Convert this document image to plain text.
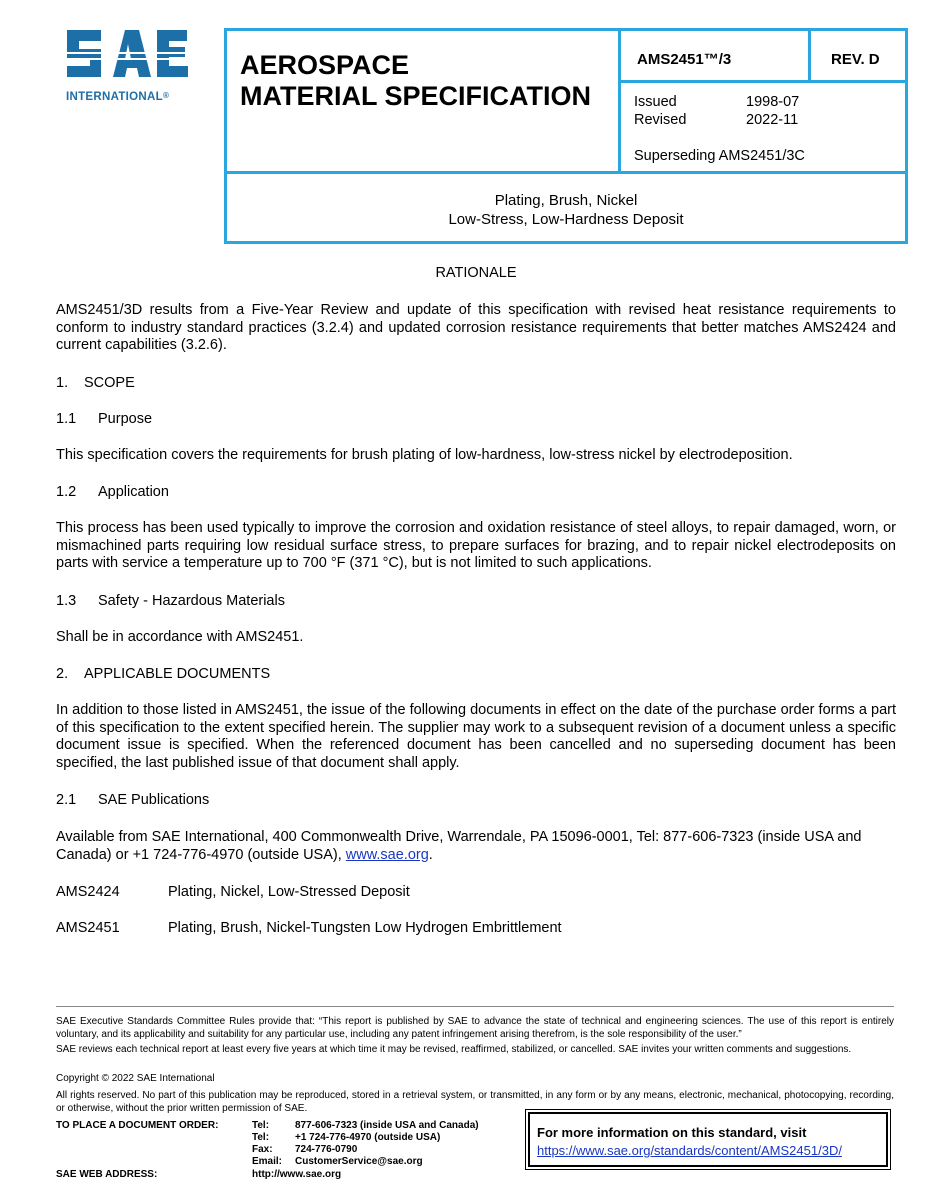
INTERNATIONAL®
AEROSPACE
MATERIAL SPECIFICATION
AMS2451™/3	REV. D
Issued	1998-07
Revised	2022-11
Superseding AMS2451/3C
Plating, Brush, Nickel
Low-Stress, Low-Hardness Deposit
RATIONALE
AMS2451/3D results from a Five-Year Review and update of this specification with revised heat resistance requirements to conform to industry standard practices (3.2.4) and updated corrosion resistance requirements that better matches AMS2424 and current capabilities (3.2.6).
1. SCOPE
1.1 Purpose
This specification covers the requirements for brush plating of low-hardness, low-stress nickel by electrodeposition.
1.2 Application
This process has been used typically to improve the corrosion and oxidation resistance of steel alloys, to repair damaged, worn, or mismachined parts requiring low residual surface stress, to prepare surfaces for brazing, and to repair nickel electrodeposits on parts with service a temperature up to 700 °F (371 °C), but is not limited to such applications.
1.3 Safety - Hazardous Materials
Shall be in accordance with AMS2451.
2. APPLICABLE DOCUMENTS
In addition to those listed in AMS2451, the issue of the following documents in effect on the date of the purchase order forms a part of this specification to the extent specified herein. The supplier may work to a subsequent revision of a document unless a specific document issue is specified. When the referenced document has been cancelled and no superseding document has been specified, the last published issue of that document shall apply.
2.1 SAE Publications
Available from SAE International, 400 Commonwealth Drive, Warrendale, PA 15096-0001, Tel: 877-606-7323 (inside USA and Canada) or +1 724-776-4970 (outside USA), www.sae.org.
AMS2424	Plating, Nickel, Low-Stressed Deposit
AMS2451	Plating, Brush, Nickel-Tungsten Low Hydrogen Embrittlement
SAE Executive Standards Committee Rules provide that: “This report is published by SAE to advance the state of technical and engineering sciences. The use of this report is entirely voluntary, and its applicability and suitability for any particular use, including any patent infringement arising therefrom, is the sole responsibility of the user.”
SAE reviews each technical report at least every five years at which time it may be revised, reaffirmed, stabilized, or cancelled. SAE invites your written comments and suggestions.
Copyright © 2022 SAE International
All rights reserved. No part of this publication may be reproduced, stored in a retrieval system, or transmitted, in any form or by any means, electronic, mechanical, photocopying, recording, or otherwise, without the prior written permission of SAE.
TO PLACE A DOCUMENT ORDER:	Tel:	877-606-7323 (inside USA and Canada)
Tel:	+1 724-776-4970 (outside USA)
Fax: 724-776-0790
Email: CustomerService@sae.org
SAE WEB ADDRESS:	http://www.sae.org
For more information on this standard, visit
https://www.sae.org/standards/content/AMS2451/3D/
